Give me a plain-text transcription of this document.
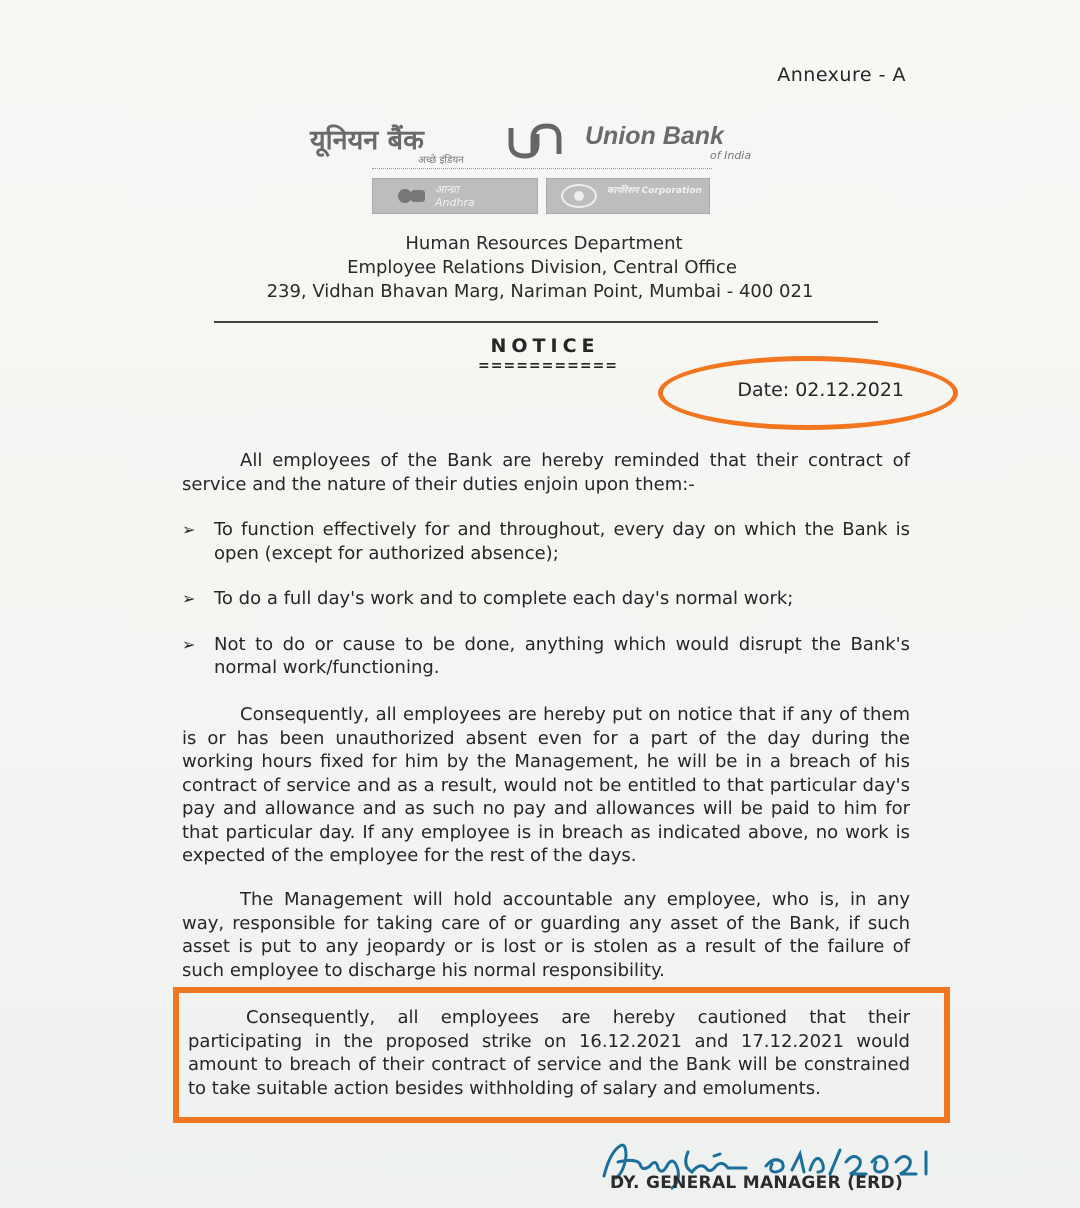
Annexure - A
यूनियन बैंक
अच्छे इंडियन
Union Bank
of India
आन्ध्रा
Andhra
कार्पोरेशन Corporation
Human Resources Department
Employee Relations Division, Central Office
239, Vidhan Bhavan Marg, Nariman Point, Mumbai - 400 021
NOTICE
===========
Date: 02.12.2021
All employees of the Bank are hereby reminded that their contract of service and the nature of their duties enjoin upon them:-
➢ To function effectively for and throughout, every day on which the Bank is open (except for authorized absence);
➢ To do a full day's work and to complete each day's normal work;
➢ Not to do or cause to be done, anything which would disrupt the Bank's normal work/functioning.
Consequently, all employees are hereby put on notice that if any of them is or has been unauthorized absent even for a part of the day during the working hours fixed for him by the Management, he will be in a breach of his contract of service and as a result, would not be entitled to that particular day's pay and allowance and as such no pay and allowances will be paid to him for that particular day. If any employee is in breach as indicated above, no work is expected of the employee for the rest of the days.
The Management will hold accountable any employee, who is, in any way, responsible for taking care of or guarding any asset of the Bank, if such asset is put to any jeopardy or is lost or is stolen as a result of the failure of such employee to discharge his normal responsibility.
Consequently, all employees are hereby cautioned that their participating in the proposed strike on 16.12.2021 and 17.12.2021 would amount to breach of their contract of service and the Bank will be constrained to take suitable action besides withholding of salary and emoluments.
DY. GENERAL MANAGER (ERD)
